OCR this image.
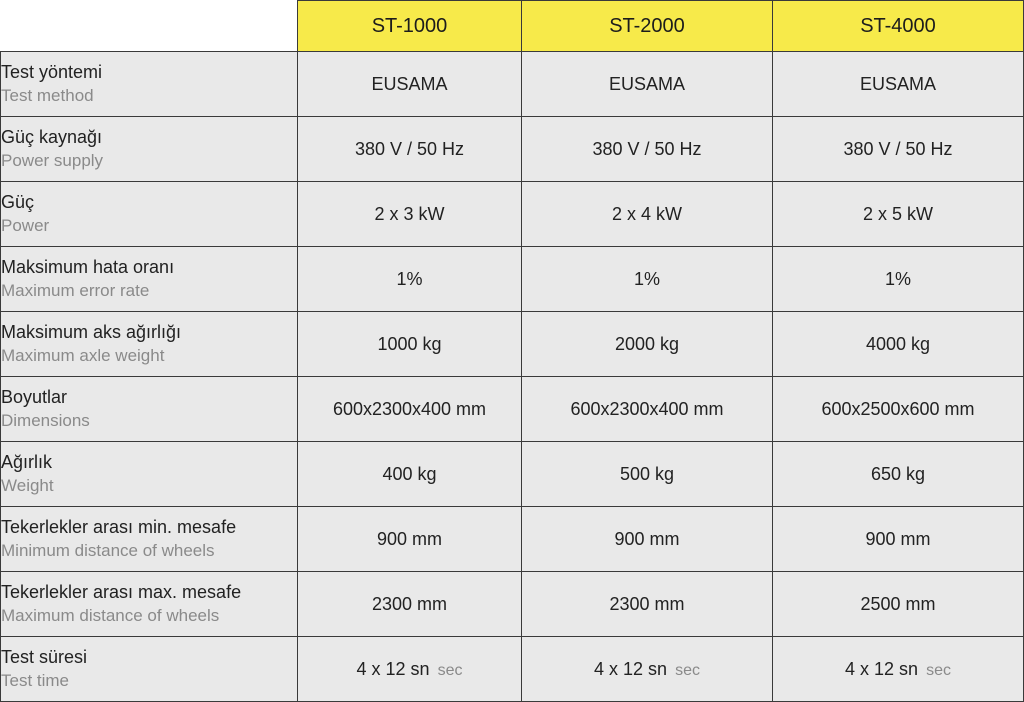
	ST-1000	ST-2000	ST-4000

Test yöntemi
Test method	EUSAMA	EUSAMA	EUSAMA

Güç kaynağı
Power supply	380 V / 50 Hz	380 V / 50 Hz	380 V / 50 Hz

Güç
Power	2 x 3 kW	2 x 4 kW	2 x 5 kW

Maksimum hata oranı
Maximum error rate	1%	1%	1%

Maksimum aks ağırlığı
Maximum axle weight	1000 kg	2000 kg	4000 kg

Boyutlar
Dimensions	600x2300x400 mm	600x2300x400 mm	600x2500x600 mm

Ağırlık
Weight	400 kg	500 kg	650 kg

Tekerlekler arası min. mesafe
Minimum distance of wheels	900 mm	900 mm	900 mm

Tekerlekler arası max. mesafe
Maximum distance of wheels	2300 mm	2300 mm	2500 mm

Test süresi
Test time	4 x 12 sn sec	4 x 12 sn sec	4 x 12 sn sec
